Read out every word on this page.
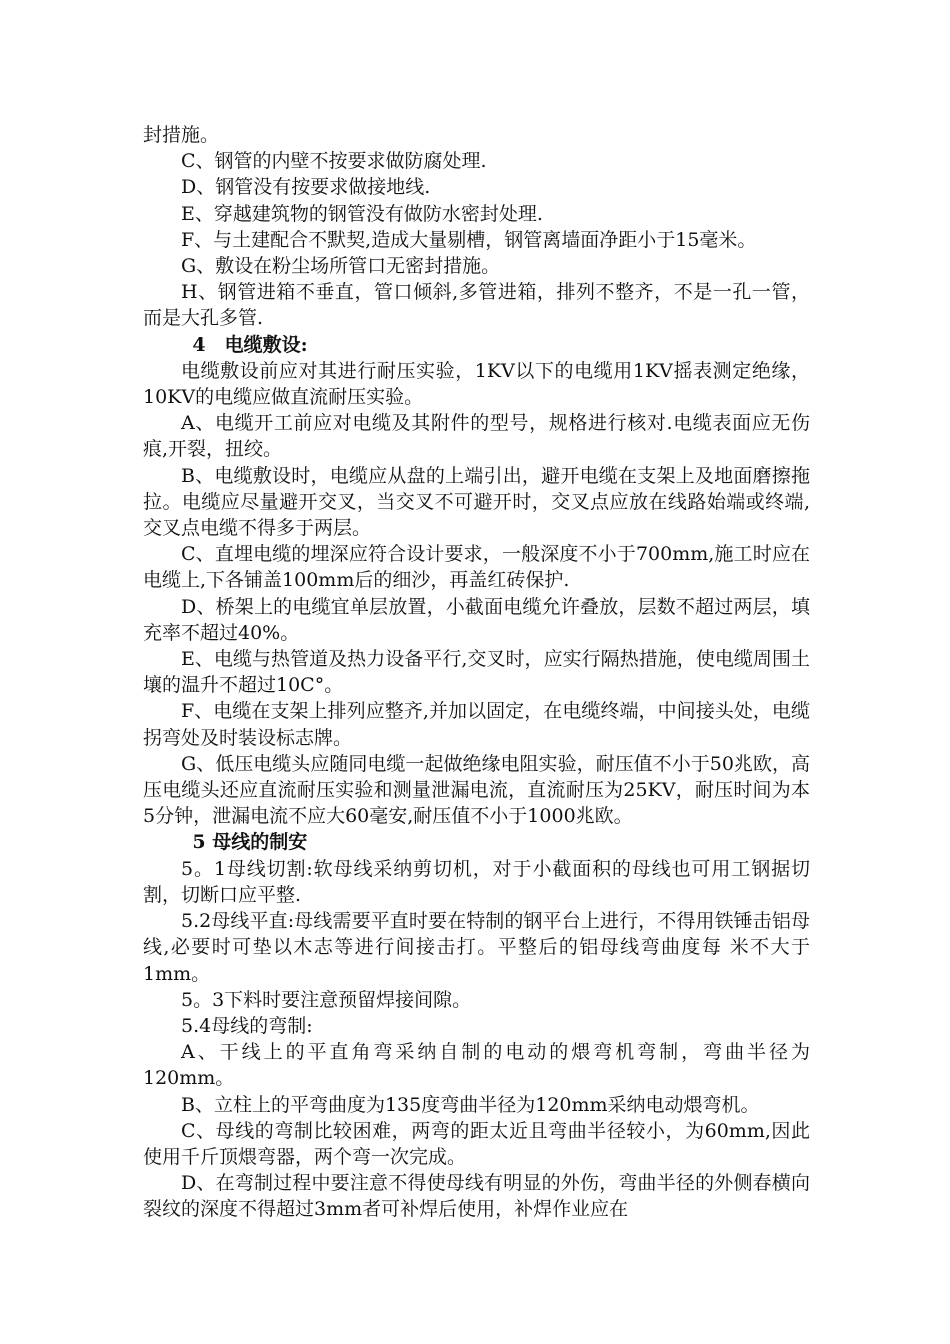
封措施。

C、钢管的内壁不按要求做防腐处理.

D、钢管没有按要求做接地线.

E、穿越建筑物的钢管没有做防水密封处理.

F、与土建配合不默契,造成大量剔槽，钢管离墙面净距小于15毫米。

G、敷设在粉尘场所管口无密封措施。

H、钢管进箱不垂直，管口倾斜,多管进箱，排列不整齐，不是一孔一管，而是大孔多管.

4　电缆敷设:

电缆敷设前应对其进行耐压实验，1KV以下的电缆用1KV摇表测定绝缘，10KV的电缆应做直流耐压实验。

A、电缆开工前应对电缆及其附件的型号，规格进行核对.电缆表面应无伤痕,开裂，扭绞。

B、电缆敷设时，电缆应从盘的上端引出，避开电缆在支架上及地面磨擦拖拉。电缆应尽量避开交叉，当交叉不可避开时，交叉点应放在线路始端或终端,交叉点电缆不得多于两层。

C、直埋电缆的埋深应符合设计要求，一般深度不小于700mm,施工时应在电缆上,下各铺盖100mm后的细沙，再盖红砖保护.

D、桥架上的电缆宜单层放置，小截面电缆允许叠放，层数不超过两层，填充率不超过40%。

E、电缆与热管道及热力设备平行,交叉时，应实行隔热措施，使电缆周围土壤的温升不超过10C°。

F、电缆在支架上排列应整齐,并加以固定，在电缆终端，中间接头处，电缆拐弯处及时装设标志牌。

G、低压电缆头应随同电缆一起做绝缘电阻实验，耐压值不小于50兆欧，高压电缆头还应直流耐压实验和测量泄漏电流，直流耐压为25KV，耐压时间为本5分钟，泄漏电流不应大60毫安,耐压值不小于1000兆欧。

5 母线的制安

5。1母线切割:软母线采纳剪切机，对于小截面积的母线也可用工钢据切割，切断口应平整.

5.2母线平直:母线需要平直时要在特制的钢平台上进行，不得用铁锤击铝母线,必要时可垫以木志等进行间接击打。平整后的铝母线弯曲度每 米不大于1mm。

5。3下料时要注意预留焊接间隙。

5.4母线的弯制:

A、干线上的平直角弯采纳自制的电动的煨弯机弯制，弯曲半径为120mm。

B、立柱上的平弯曲度为135度弯曲半径为120mm采纳电动煨弯机。

C、母线的弯制比较困难，两弯的距太近且弯曲半径较小，为60mm,因此使用千斤顶煨弯器，两个弯一次完成。

D、在弯制过程中要注意不得使母线有明显的外伤，弯曲半径的外侧春横向裂纹的深度不得超过3mm者可补焊后使用，补焊作业应在
